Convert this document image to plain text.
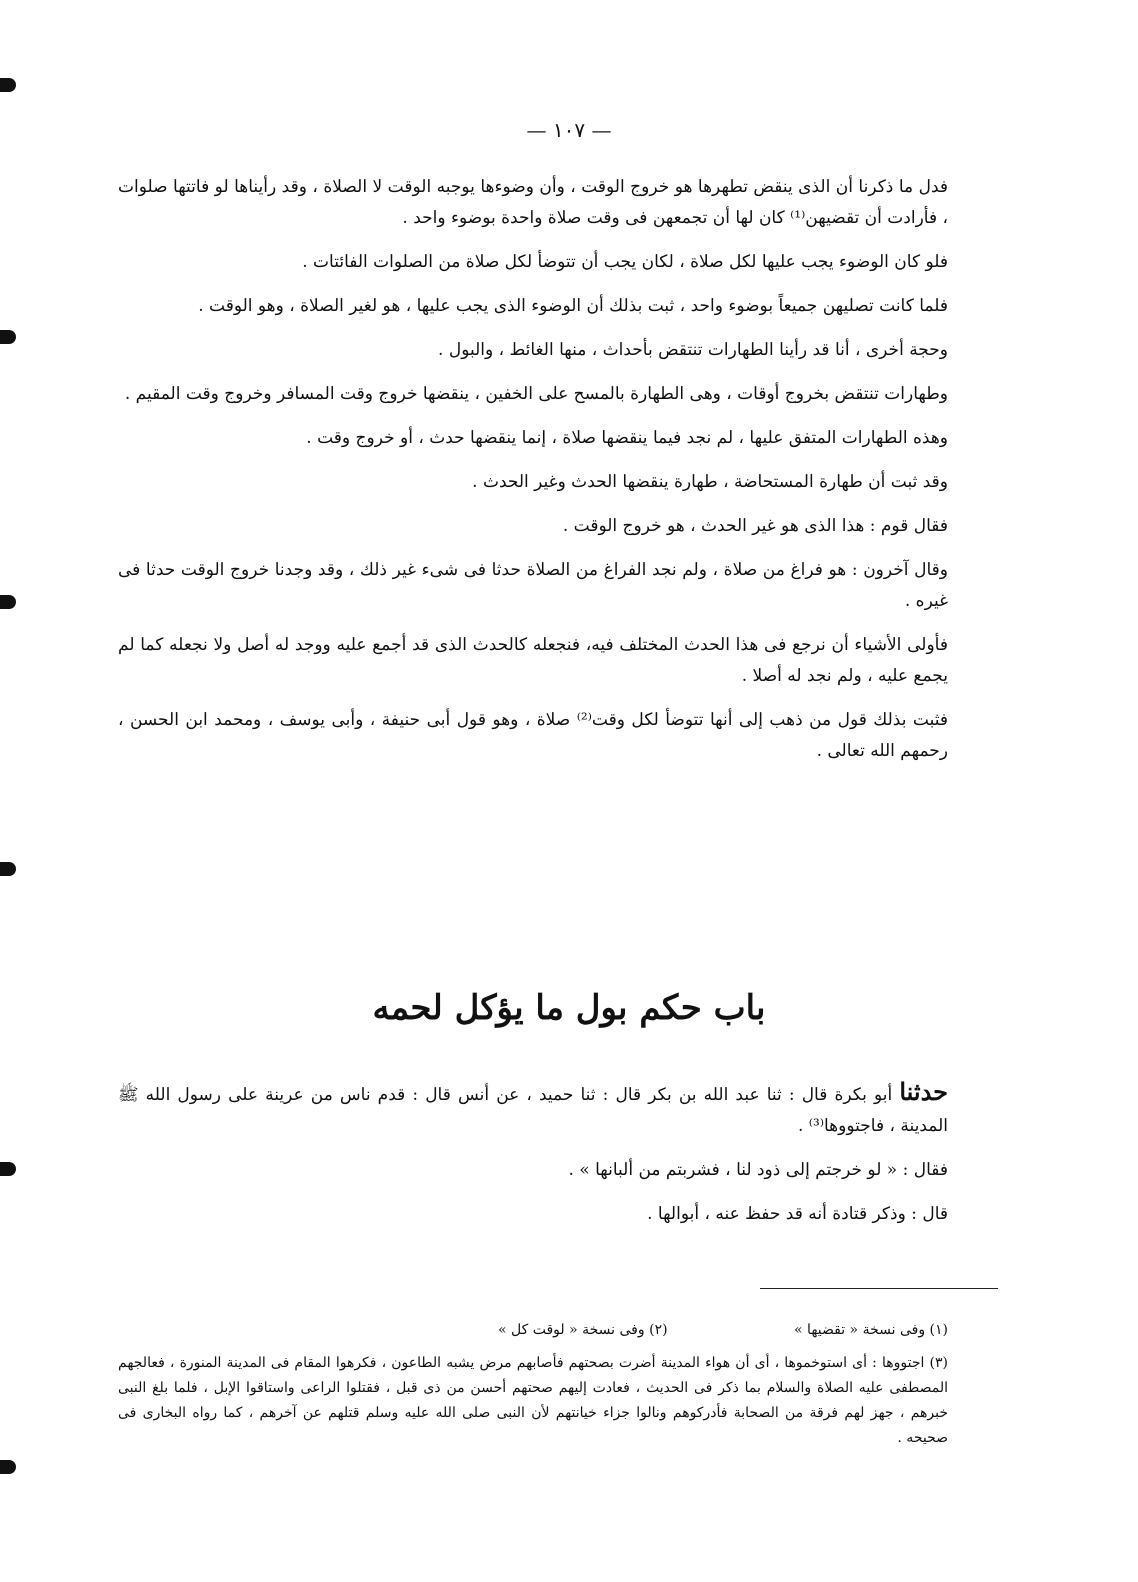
— ١٠٧ —

فدل ما ذكرنا أن الذى ينقض تطهرها هو خروج الوقت ، وأن وضوءها يوجبه الوقت لا الصلاة ، وقد رأيناها لو فاتتها صلوات ، فأرادت أن تقضيهن⁽¹⁾ كان لها أن تجمعهن فى وقت صلاة واحدة بوضوء واحد .

فلو كان الوضوء يجب عليها لكل صلاة ، لكان يجب أن تتوضأ لكل صلاة من الصلوات الفائتات .

فلما كانت تصليهن جميعاً بوضوء واحد ، ثبت بذلك أن الوضوء الذى يجب عليها ، هو لغير الصلاة ، وهو الوقت .

وحجة أخرى ، أنا قد رأينا الطهارات تنتقض بأحداث ، منها الغائط ، والبول .

وطهارات تنتقض بخروج أوقات ، وهى الطهارة بالمسح على الخفين ، ينقضها خروج وقت المسافر وخروج وقت المقيم .

وهذه الطهارات المتفق عليها ، لم نجد فيما ينقضها صلاة ، إنما ينقضها حدث ، أو خروج وقت .

وقد ثبت أن طهارة المستحاضة ، طهارة ينقضها الحدث وغير الحدث .

فقال قوم : هذا الذى هو غير الحدث ، هو خروج الوقت .

وقال آخرون : هو فراغ من صلاة ، ولم نجد الفراغ من الصلاة حدثا فى شىء غير ذلك ، وقد وجدنا خروج الوقت حدثا فى غيره .

فأولى الأشياء أن نرجع فى هذا الحدث المختلف فيه، فنجعله كالحدث الذى قد أجمع عليه ووجد له أصل ولا نجعله كما لم يجمع عليه ، ولم نجد له أصلا .

فثبت بذلك قول من ذهب إلى أنها تتوضأ لكل وقت⁽²⁾ صلاة ، وهو قول أبى حنيفة ، وأبى يوسف ، ومحمد ابن الحسن ، رحمهم الله تعالى .

باب حكم بول ما يؤكل لحمه

حدثنا أبو بكرة قال : ثنا عبد الله بن بكر قال : ثنا حميد ، عن أنس قال : قدم ناس من عرينة على رسول الله ﷺ المدينة ، فاجتووها⁽³⁾ .

فقال : « لو خرجتم إلى ذود لنا ، فشربتم من ألبانها » .

قال : وذكر قتادة أنه قد حفظ عنه ، أبوالها .

(١) وفى نسخة « تقضيها »
(٢) وفى نسخة « لوقت كل »
(٣) اجتووها : أى استوخموها ، أى أن هواء المدينة أضرت بصحتهم فأصابهم مرض يشبه الطاعون ، فكرهوا المقام فى المدينة المنورة ، فعالجهم المصطفى عليه الصلاة والسلام بما ذكر فى الحديث ، فعادت إليهم صحتهم أحسن من ذى قبل ، فقتلوا الراعى واستاقوا الإبل ، فلما بلغ النبى خبرهم ، جهز لهم فرقة من الصحابة فأدركوهم ونالوا جزاء خيانتهم لأن النبى صلى الله عليه وسلم قتلهم عن آخرهم ، كما رواه البخارى فى صحيحه .
